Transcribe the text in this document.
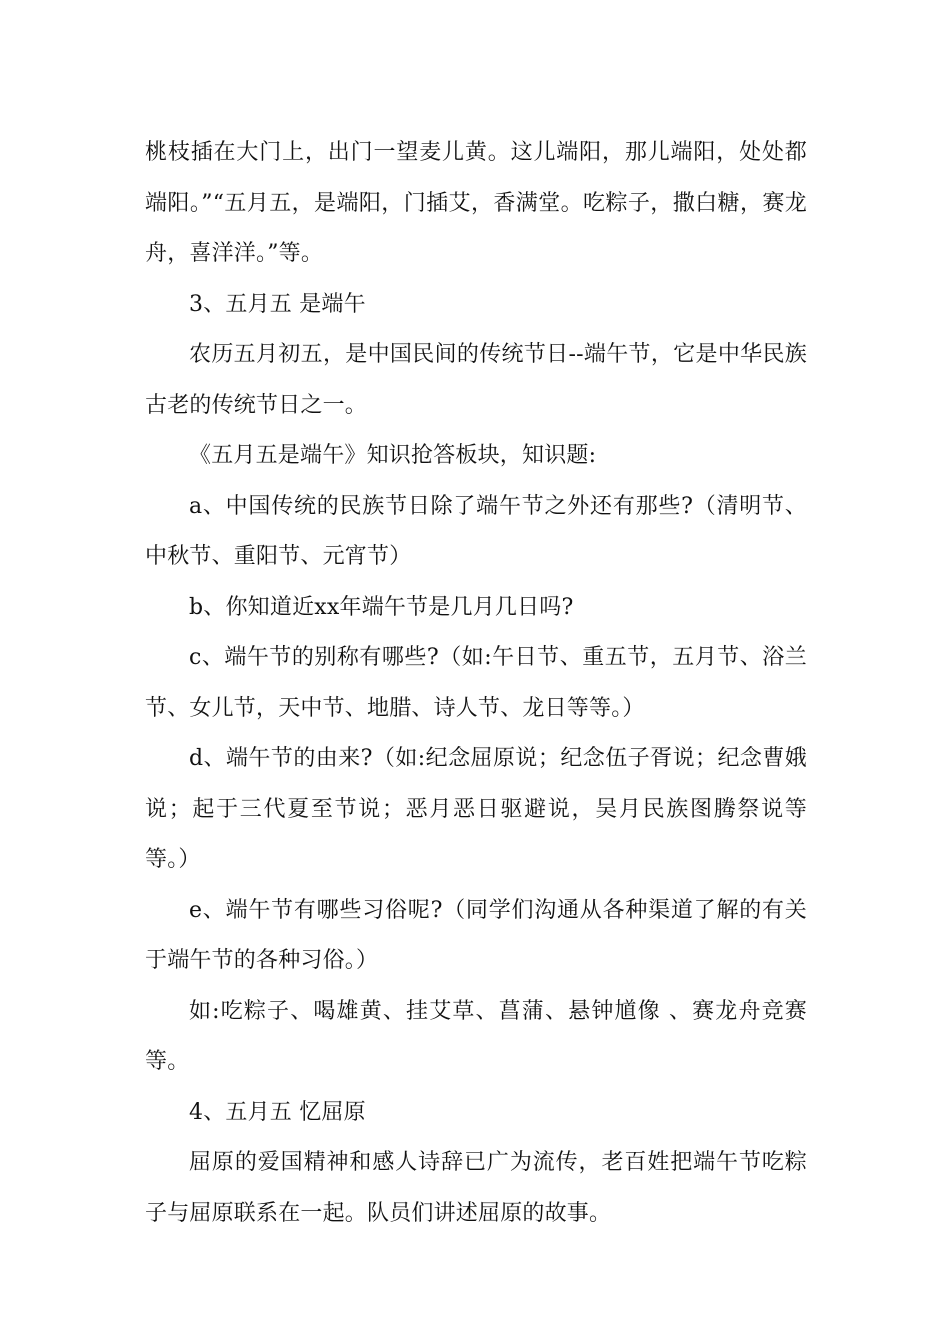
桃枝插在大门上，出门一望麦儿黄。这儿端阳，那儿端阳，处处都端阳。”“五月五，是端阳，门插艾，香满堂。吃粽子，撒白糖，赛龙舟，喜洋洋。”等。

3、五月五 是端午

农历五月初五，是中国民间的传统节日--端午节，它是中华民族古老的传统节日之一。

《五月五是端午》知识抢答板块，知识题:

a、中国传统的民族节日除了端午节之外还有那些?（清明节、中秋节、重阳节、元宵节）

b、你知道近xx年端午节是几月几日吗?

c、端午节的别称有哪些?（如:午日节、重五节，五月节、浴兰节、女儿节，天中节、地腊、诗人节、龙日等等。）

d、端午节的由来?（如:纪念屈原说；纪念伍子胥说；纪念曹娥说；起于三代夏至节说；恶月恶日驱避说，吴月民族图腾祭说等等。）

e、端午节有哪些习俗呢?（同学们沟通从各种渠道了解的有关于端午节的各种习俗。）

如:吃粽子、喝雄黄、挂艾草、菖蒲、悬钟馗像 、赛龙舟竞赛等。

4、五月五 忆屈原

屈原的爱国精神和感人诗辞已广为流传，老百姓把端午节吃粽子与屈原联系在一起。队员们讲述屈原的故事。
